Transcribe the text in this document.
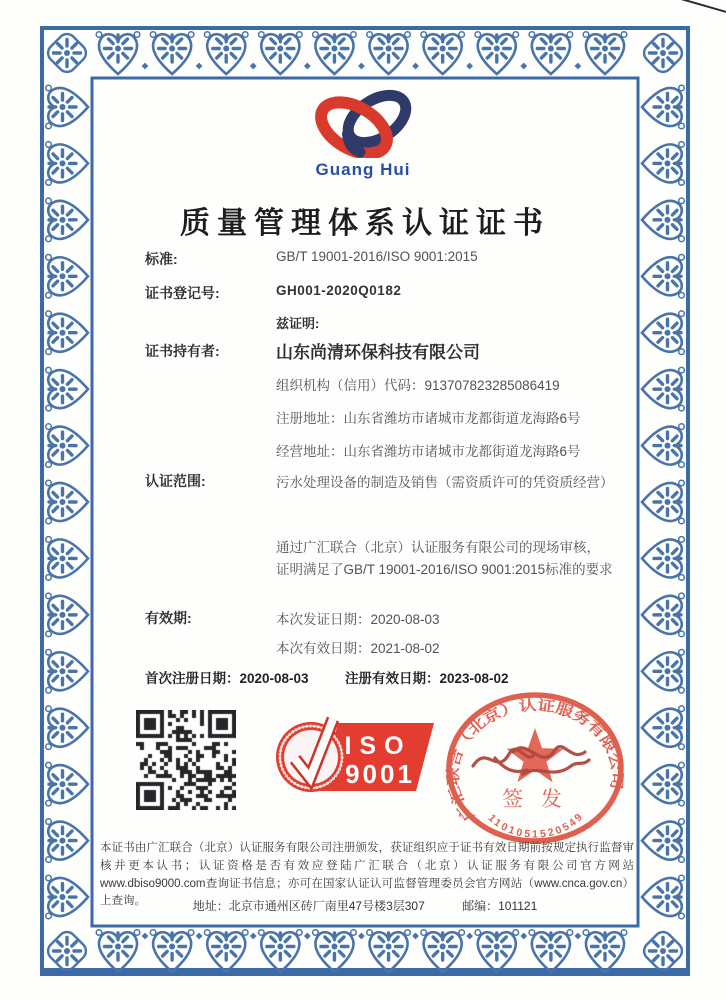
Guang Hui
质量管理体系认证证书
标准:	GB/T 19001-2016/ISO 9001:2015
证书登记号:	GH001-2020Q0182
兹证明:
证书持有者:	山东尚清环保科技有限公司
组织机构（信用）代码：913707823285086419
注册地址：山东省潍坊市诸城市龙都街道龙海路6号
经营地址：山东省潍坊市诸城市龙都街道龙海路6号
认证范围:	污水处理设备的制造及销售（需资质许可的凭资质经营）
通过广汇联合（北京）认证服务有限公司的现场审核，
证明满足了GB/T 19001-2016/ISO 9001:2015标准的要求
有效期:	本次发证日期：2020-08-03
本次有效日期：2021-08-02
首次注册日期：2020-08-03	注册有效日期：2023-08-02
ISO
9001
广汇联合（北京）认证服务有限公司
1101051520549
签 发
本证书由广汇联合（北京）认证服务有限公司注册颁发，获证组织应于证书有效日期前按规定执行监督审核并更本认书；认证资格是否有效应登陆广汇联合（北京）认证服务有限公司官方网站www.dbiso9000.com查询证书信息；亦可在国家认证认可监督管理委员会官方网站（www.cnca.gov.cn）上查询。	地址：北京市通州区砖厂南里47号楼3层307	邮编：101121
